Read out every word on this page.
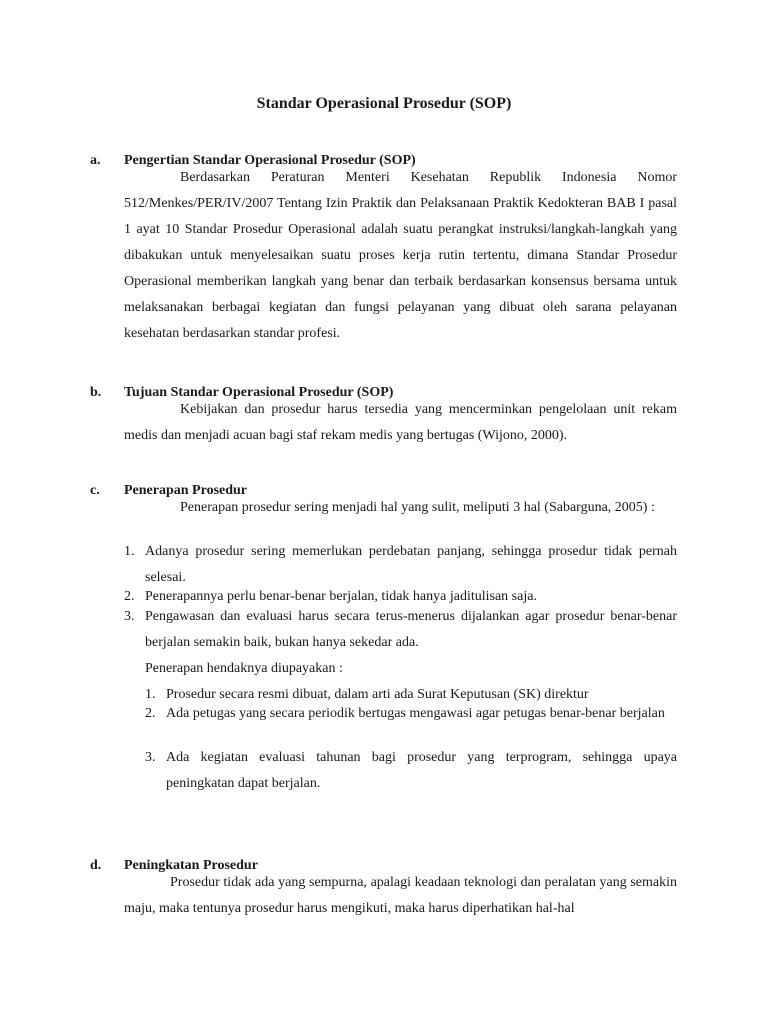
Standar Operasional Prosedur (SOP)
a. Pengertian Standar Operasional Prosedur (SOP)
Berdasarkan Peraturan Menteri Kesehatan Republik Indonesia Nomor 512/Menkes/PER/IV/2007 Tentang Izin Praktik dan Pelaksanaan Praktik Kedokteran BAB I pasal 1 ayat 10 Standar Prosedur Operasional adalah suatu perangkat instruksi/langkah-langkah yang dibakukan untuk menyelesaikan suatu proses kerja rutin tertentu, dimana Standar Prosedur Operasional memberikan langkah yang benar dan terbaik berdasarkan konsensus bersama untuk melaksanakan berbagai kegiatan dan fungsi pelayanan yang dibuat oleh sarana pelayanan kesehatan berdasarkan standar profesi.
b. Tujuan Standar Operasional Prosedur (SOP)
Kebijakan dan prosedur harus tersedia yang mencerminkan pengelolaan unit rekam medis dan menjadi acuan bagi staf rekam medis yang bertugas (Wijono, 2000).
c. Penerapan Prosedur
Penerapan prosedur sering menjadi hal yang sulit, meliputi 3 hal (Sabarguna, 2005) :
1. Adanya prosedur sering memerlukan perdebatan panjang, sehingga prosedur tidak pernah selesai.
2. Penerapannya perlu benar-benar berjalan, tidak hanya jaditulisan saja.
3. Pengawasan dan evaluasi harus secara terus-menerus dijalankan agar prosedur benar-benar berjalan semakin baik, bukan hanya sekedar ada.
Penerapan hendaknya diupayakan :
1. Prosedur secara resmi dibuat, dalam arti ada Surat Keputusan (SK) direktur
2. Ada petugas yang secara periodik bertugas mengawasi agar petugas benar-benar berjalan
3. Ada kegiatan evaluasi tahunan bagi prosedur yang terprogram, sehingga upaya peningkatan dapat berjalan.
d. Peningkatan Prosedur
Prosedur tidak ada yang sempurna, apalagi keadaan teknologi dan peralatan yang semakin maju, maka tentunya prosedur harus mengikuti, maka harus diperhatikan hal-hal
